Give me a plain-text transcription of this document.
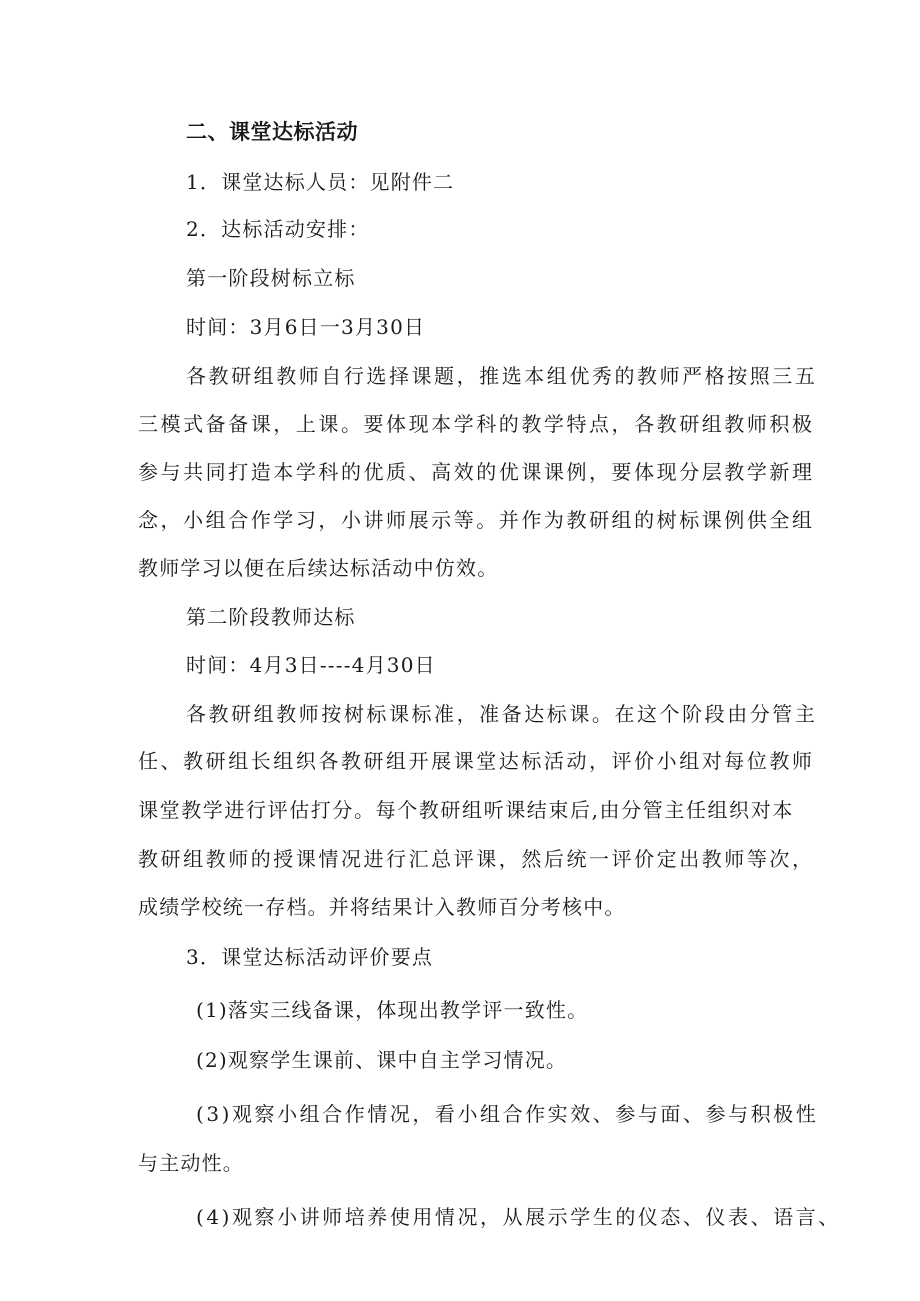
二、课堂达标活动
1．课堂达标人员：见附件二
2．达标活动安排：
第一阶段树标立标
时间：3月6日一3月30日
各教研组教师自行选择课题，推选本组优秀的教师严格按照三五
三模式备备课，上课。要体现本学科的教学特点，各教研组教师积极
参与共同打造本学科的优质、高效的优课课例，要体现分层教学新理
念，小组合作学习，小讲师展示等。并作为教研组的树标课例供全组
教师学习以便在后续达标活动中仿效。
第二阶段教师达标
时间：4月3日----4月30日
各教研组教师按树标课标准，准备达标课。在这个阶段由分管主
任、教研组长组织各教研组开展课堂达标活动，评价小组对每位教师
课堂教学进行评估打分。每个教研组听课结束后,由分管主任组织对本
教研组教师的授课情况进行汇总评课，然后统一评价定出教师等次，
成绩学校统一存档。并将结果计入教师百分考核中。
3．课堂达标活动评价要点
(1)落实三线备课，体现出教学评一致性。
(2)观察学生课前、课中自主学习情况。
(3)观察小组合作情况，看小组合作实效、参与面、参与积极性
与主动性。
(4)观察小讲师培养使用情况，从展示学生的仪态、仪表、语言、
